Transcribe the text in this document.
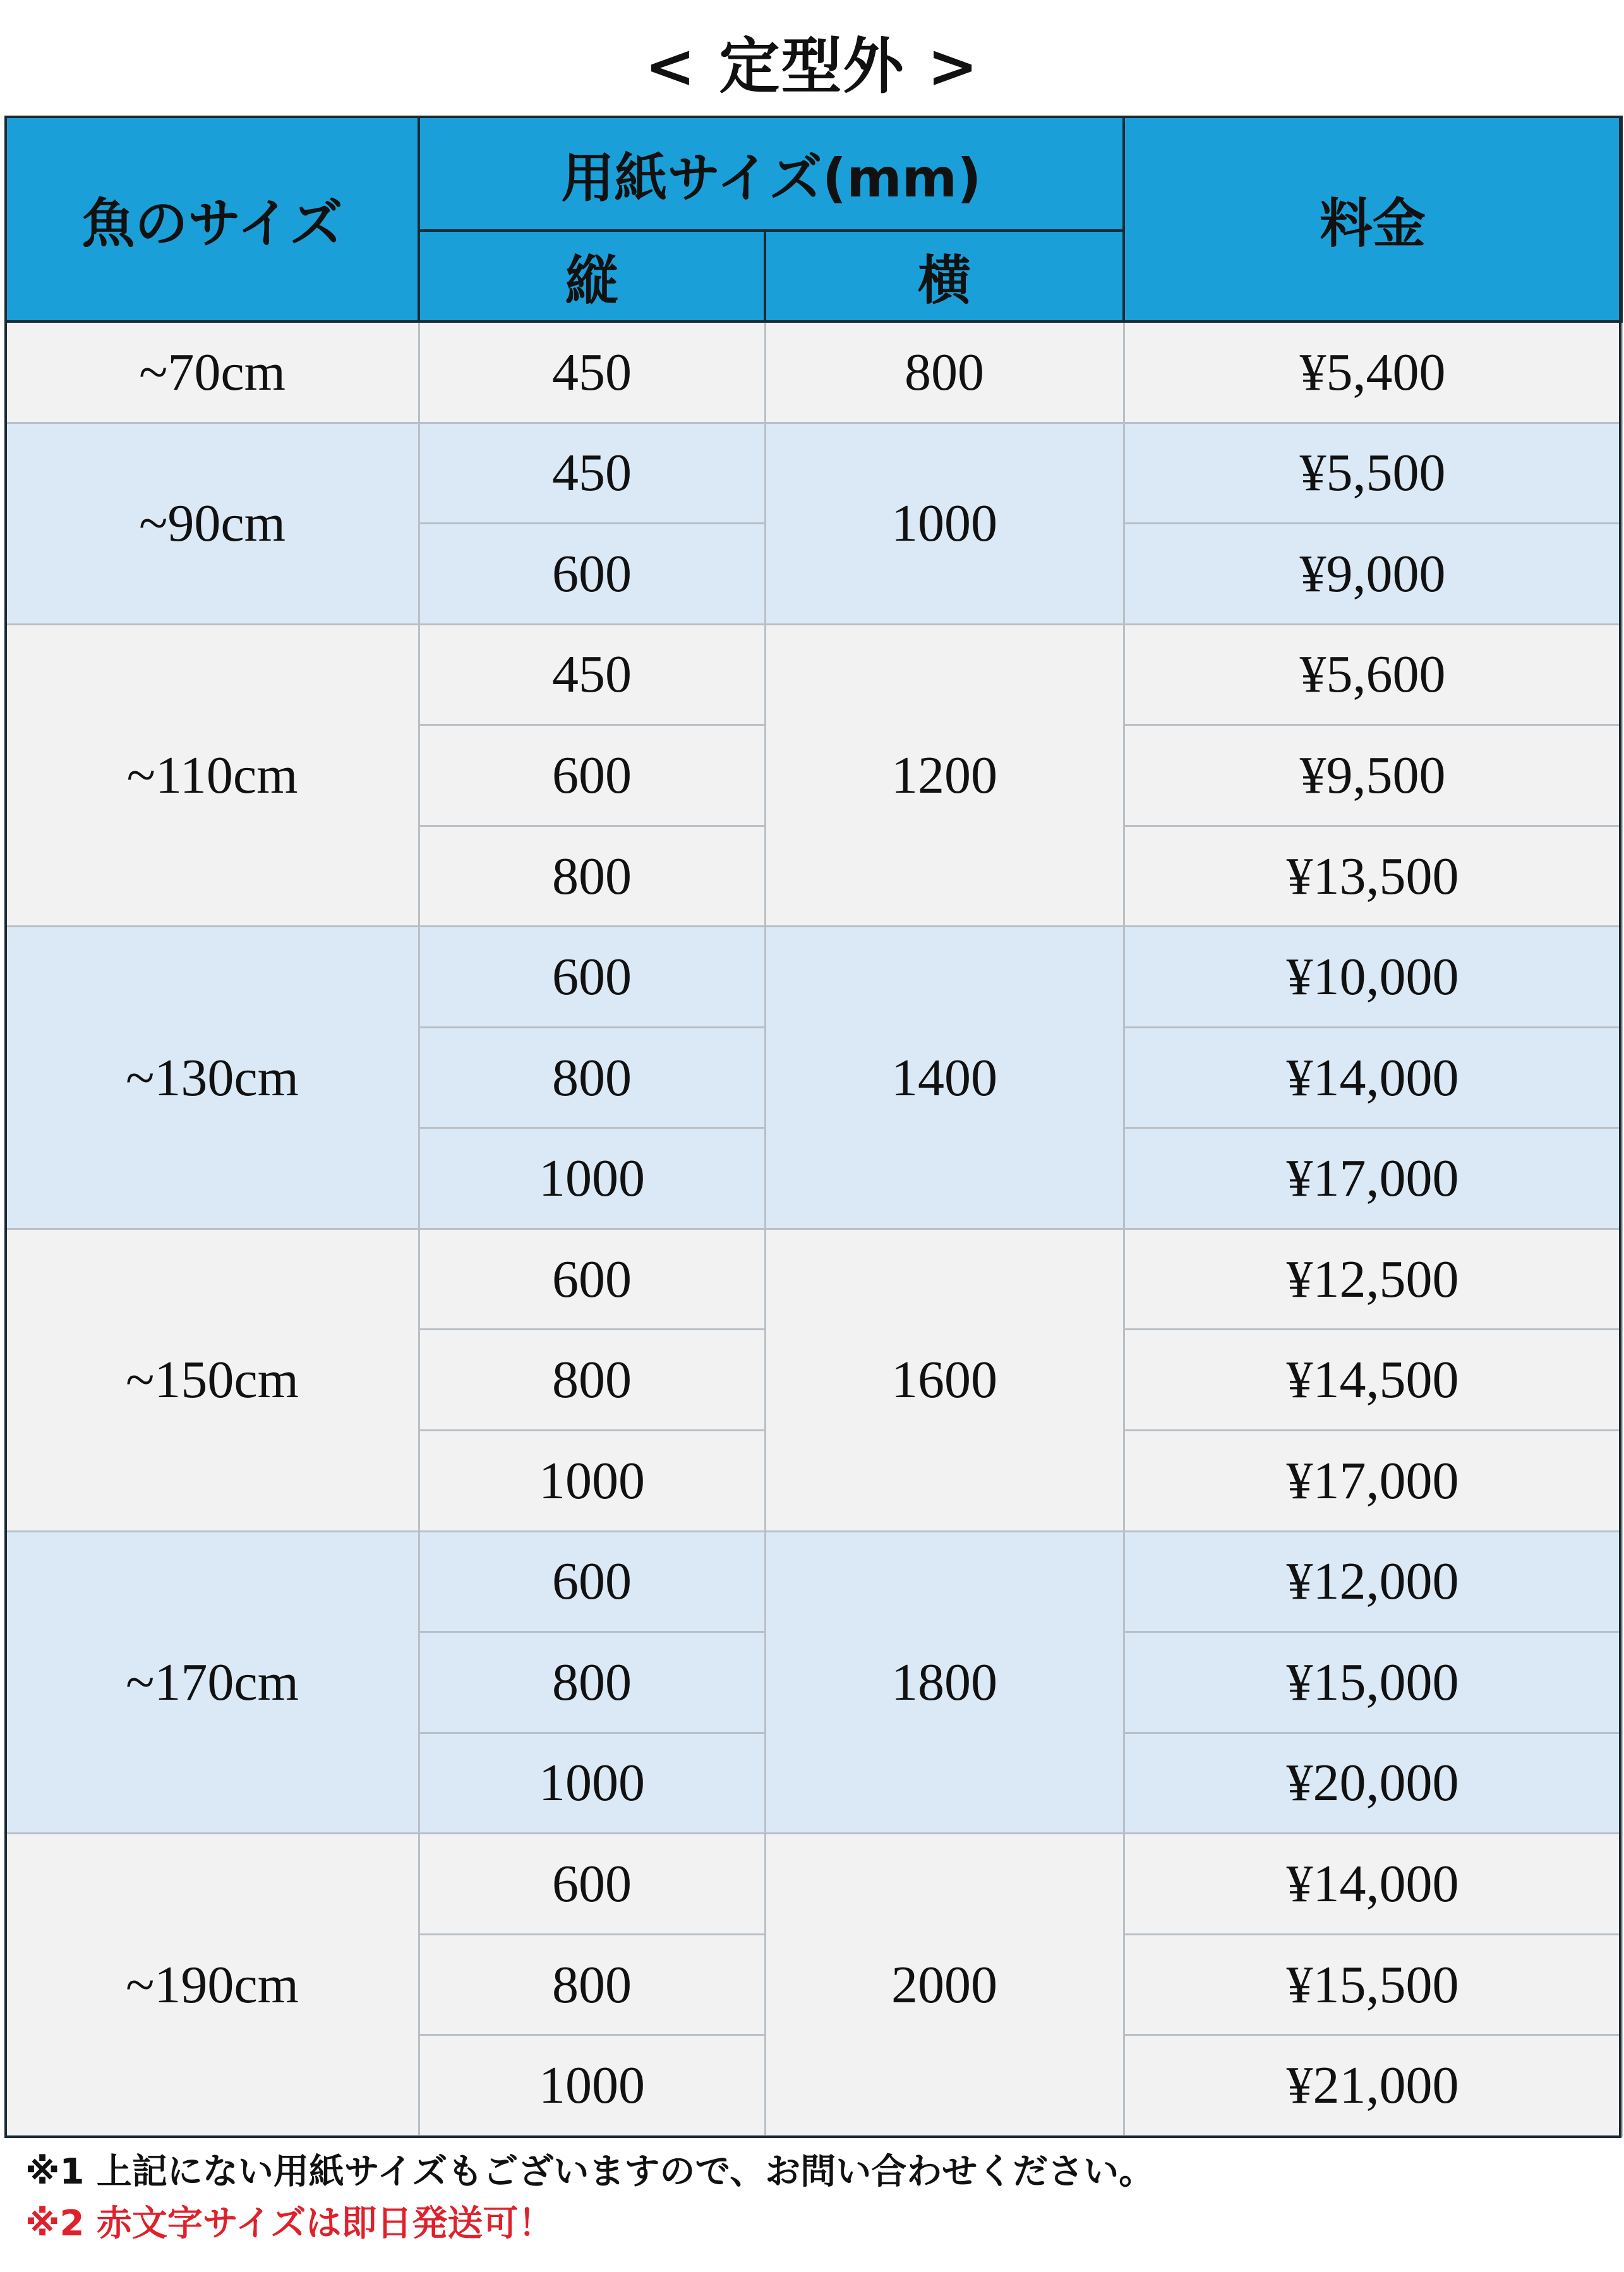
< 定型外 >
魚のサイズ	用紙サイズ(mm)		料金
	縦	横	
~70cm	450	800	¥5,400
~90cm	450	1000	¥5,500
	600		¥9,000
~110cm	450	1200	¥5,600
	600		¥9,500
	800		¥13,500
~130cm	600	1400	¥10,000
	800		¥14,000
	1000		¥17,000
~150cm	600	1600	¥12,500
	800		¥14,500
	1000		¥17,000
~170cm	600	1800	¥12,000
	800		¥15,000
	1000		¥20,000
~190cm	600	2000	¥14,000
	800		¥15,500
	1000		¥21,000
※1 上記にない用紙サイズもございますので、お問い合わせください。
※2 赤文字サイズは即日発送可！
